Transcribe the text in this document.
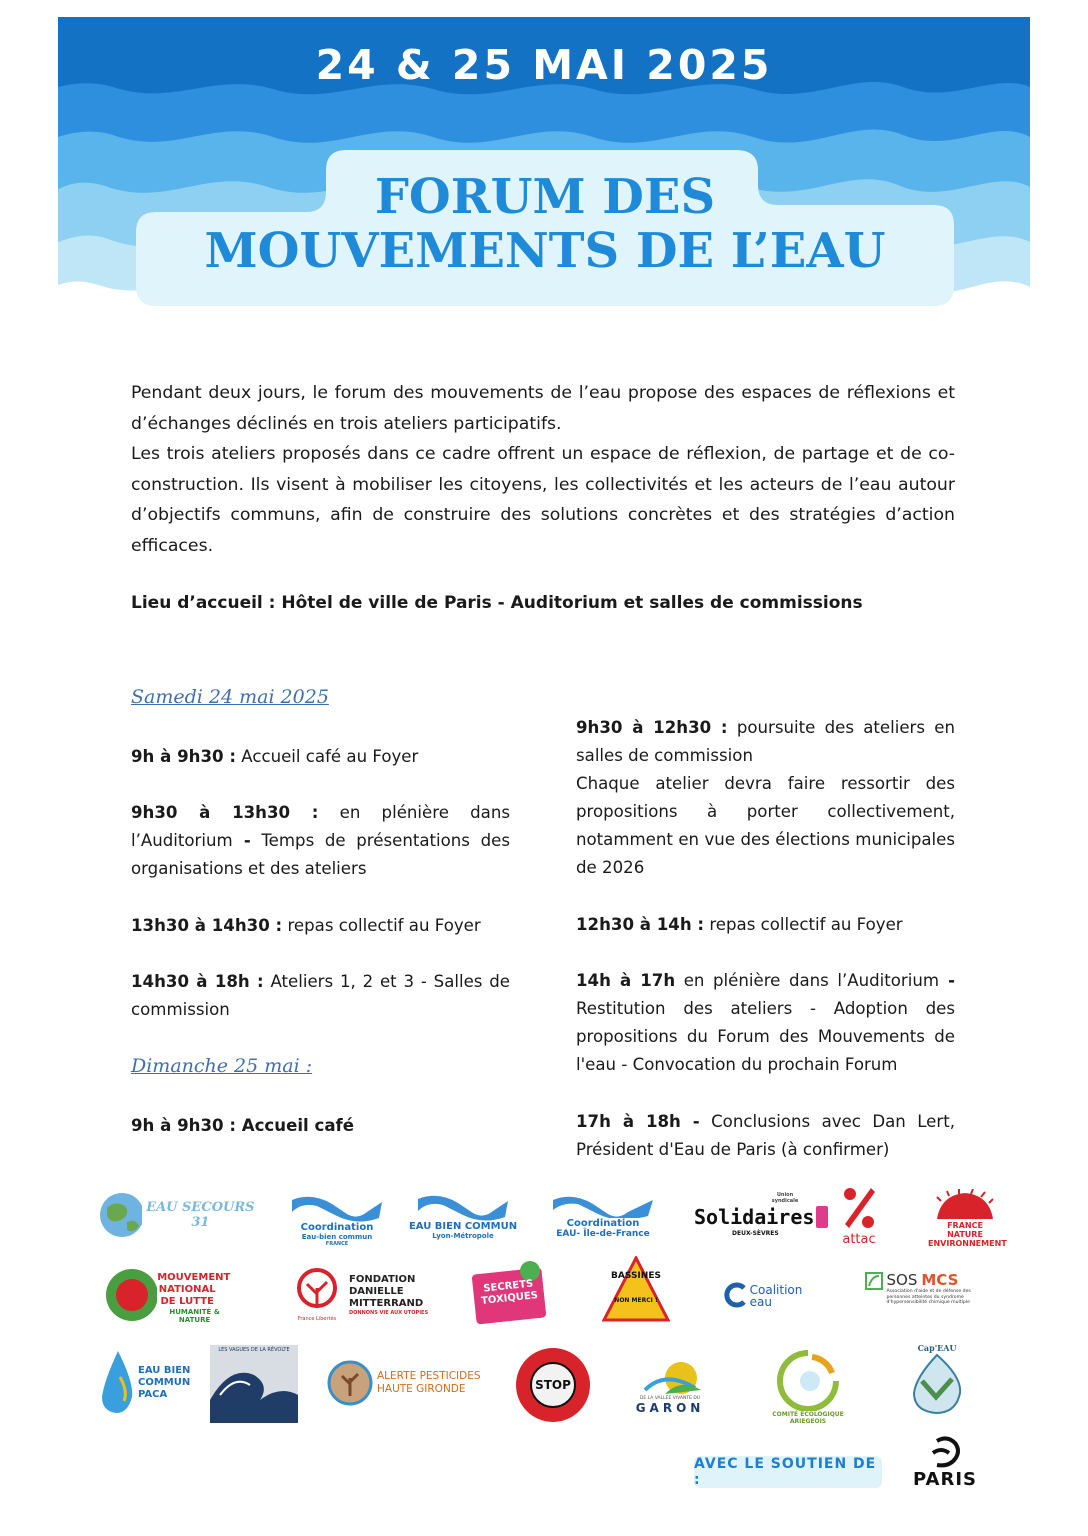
24 & 25 MAI 2025
FORUM DES
MOUVEMENTS DE L’EAU

Pendant deux jours, le forum des mouvements de l’eau propose des espaces de réflexions et d’échanges déclinés en trois ateliers participatifs.

Les trois ateliers proposés dans ce cadre offrent un espace de réflexion, de partage et de co-construction. Ils visent à mobiliser les citoyens, les collectivités et les acteurs de l’eau autour d’objectifs communs, afin de construire des solutions concrètes et des stratégies d’action efficaces.

Lieu d’accueil : Hôtel de ville de Paris - Auditorium et salles de commissions
Samedi 24 mai 2025

9h à 9h30 : Accueil café au Foyer

9h30 à 13h30 : en plénière dans l’Auditorium - Temps de présentations des organisations et des ateliers

13h30 à 14h30 : repas collectif au Foyer

14h30 à 18h : Ateliers 1, 2 et 3 - Salles de commission

Dimanche 25 mai :

9h à 9h30 : Accueil café

9h30 à 12h30 : poursuite des ateliers en salles de commission

Chaque atelier devra faire ressortir des propositions à porter collectivement, notamment en vue des élections municipales de 2026

12h30 à 14h : repas collectif au Foyer

14h à 17h en plénière dans l’Auditorium - Restitution des ateliers - Adoption des propositions du Forum des Mouvements de l'eau - Convocation du prochain Forum

17h à 18h - Conclusions avec Dan Lert, Président d'Eau de Paris (à confirmer)

EAU SECOURS 31	Coordination
Eau-bien commun
FRANCE
EAU BIEN COMMUN
Lyon-Métropole
Coordination
EAU- Île-de-France
Union syndicale
Solidaires
DEUX-SÈVRES	attac
FRANCE NATURE ENVIRONNEMENT
MOUVEMENT NATIONAL DE LUTTE
HUMANITÉ & NATURE	France Libertés
FONDATION DANIELLE MITTERRAND
DONNONS VIE AUX UTOPIES
SECRETS TOXIQUES
BASSINES
NON MERCI !
Coalition
eau
SOS MCS
Association d'aide et de défense des personnes atteintes du syndrome d'hypersensibilité chimique multiple
EAU BIEN COMMUN PACA
LES VAGUES DE LA RÉVOLTE
ALERTE PESTICIDES HAUTE GIRONDE	STOP
DE LA VALLÉE VIVANTE DU
GARON	COMITÉ ÉCOLOGIQUE ARIEGEOIS
Cap'EAU
PARIS
AVEC LE SOUTIEN DE :
